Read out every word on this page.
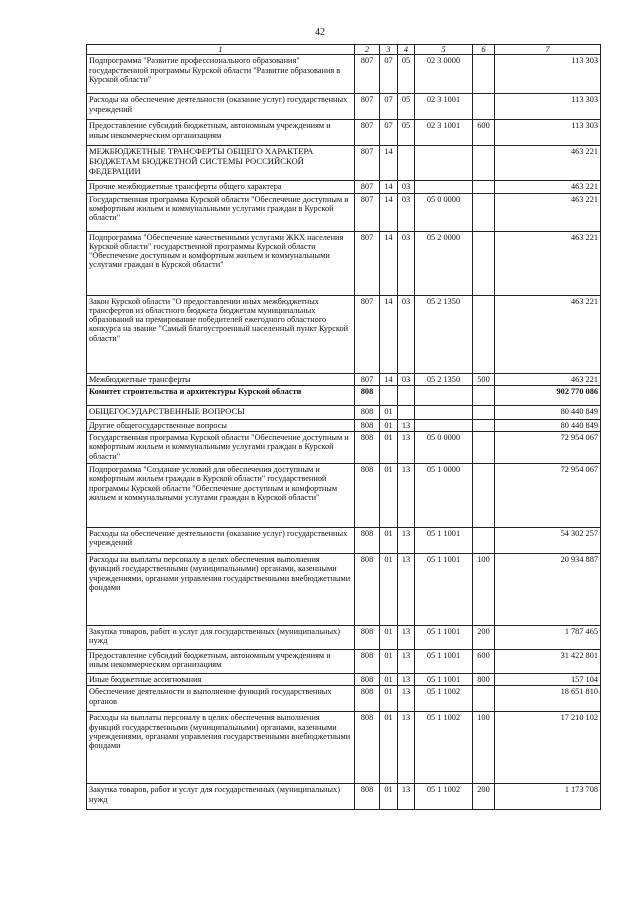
42
1	2	3	4	5	6	7
Подпрограмма "Развитие профессионального образования" государственной программы Курской области "Развитие образования в Курской области"	807	07	05	02 3 0000		113 303
Расходы на обеспечение деятельности (оказание услуг) государственных учреждений	807	07	05	02 3 1001		113 303
Предоставление субсидий бюджетным, автономным учреждениям и иным некоммерческим организациям	807	07	05	02 3 1001	600	113 303
МЕЖБЮДЖЕТНЫЕ ТРАНСФЕРТЫ ОБЩЕГО ХАРАКТЕРА БЮДЖЕТАМ БЮДЖЕТНОЙ СИСТЕМЫ РОССИЙСКОЙ ФЕДЕРАЦИИ	807	14				463 221
Прочие межбюджетные трансферты общего характера	807	14	03			463 221
Государственная программа Курской области "Обеспечение доступным и комфортным жильем и коммунальными услугами граждан в Курской области"	807	14	03	05 0 0000		463 221
Подпрограмма "Обеспечение качественными услугами ЖКХ населения Курской области" государственной программы Курской области "Обеспечение доступным и комфортным жильем и коммунальными услугами граждан в Курской области"	807	14	03	05 2 0000		463 221
Закон Курской области "О предоставлении иных межбюджетных трансфертов из областного бюджета бюджетам муниципальных образований на премирование победителей ежегодного областного конкурса на звание "Самый благоустроенный населенный пункт Курской области"	807	14	03	05 2 1350		463 221
Межбюджетные трансферты	807	14	03	05 2 1350	500	463 221
Комитет строительства и архитектуры Курской области	808					902 770 086
ОБЩЕГОСУДАРСТВЕННЫЕ ВОПРОСЫ	808	01				80 440 849
Другие общегосударственные вопросы	808	01	13			80 440 849
Государственная программа Курской области "Обеспечение доступным и комфортным жильем и коммунальными услугами граждан в Курской области"	808	01	13	05 0 0000		72 954 067
Подпрограмма "Создание условий для обеспечения доступным и комфортным жильем граждан в Курской области" государственной программы Курской области "Обеспечение доступным и комфортным жильем и коммунальными услугами граждан в Курской области"	808	01	13	05 1 0000		72 954 067
Расходы на обеспечение деятельности (оказание услуг) государственных учреждений	808	01	13	05 1 1001		54 302 257
Расходы на выплаты персоналу в целях обеспечения выполнения функций государственными (муниципальными) органами, казенными учреждениями, органами управления государственными внебюджетными фондами	808	01	13	05 1 1001	100	20 934 887
Закупка товаров, работ и услуг для государственных (муниципальных) нужд	808	01	13	05 1 1001	200	1 787 465
Предоставление субсидий бюджетным, автономным учреждениям и иным некоммерческим организациям	808	01	13	05 1 1001	600	31 422 801
Иные бюджетные ассигнования	808	01	13	05 1 1001	800	157 104
Обеспечение деятельности и выполнение функций государственных органов	808	01	13	05 1 1002		18 651 810
Расходы на выплаты персоналу в целях обеспечения выполнения функций государственными (муниципальными) органами, казенными учреждениями, органами управления государственными внебюджетными фондами	808	01	13	05 1 1002	100	17 210 102
Закупка товаров, работ и услуг для государственных (муниципальных) нужд	808	01	13	05 1 1002	200	1 173 708
